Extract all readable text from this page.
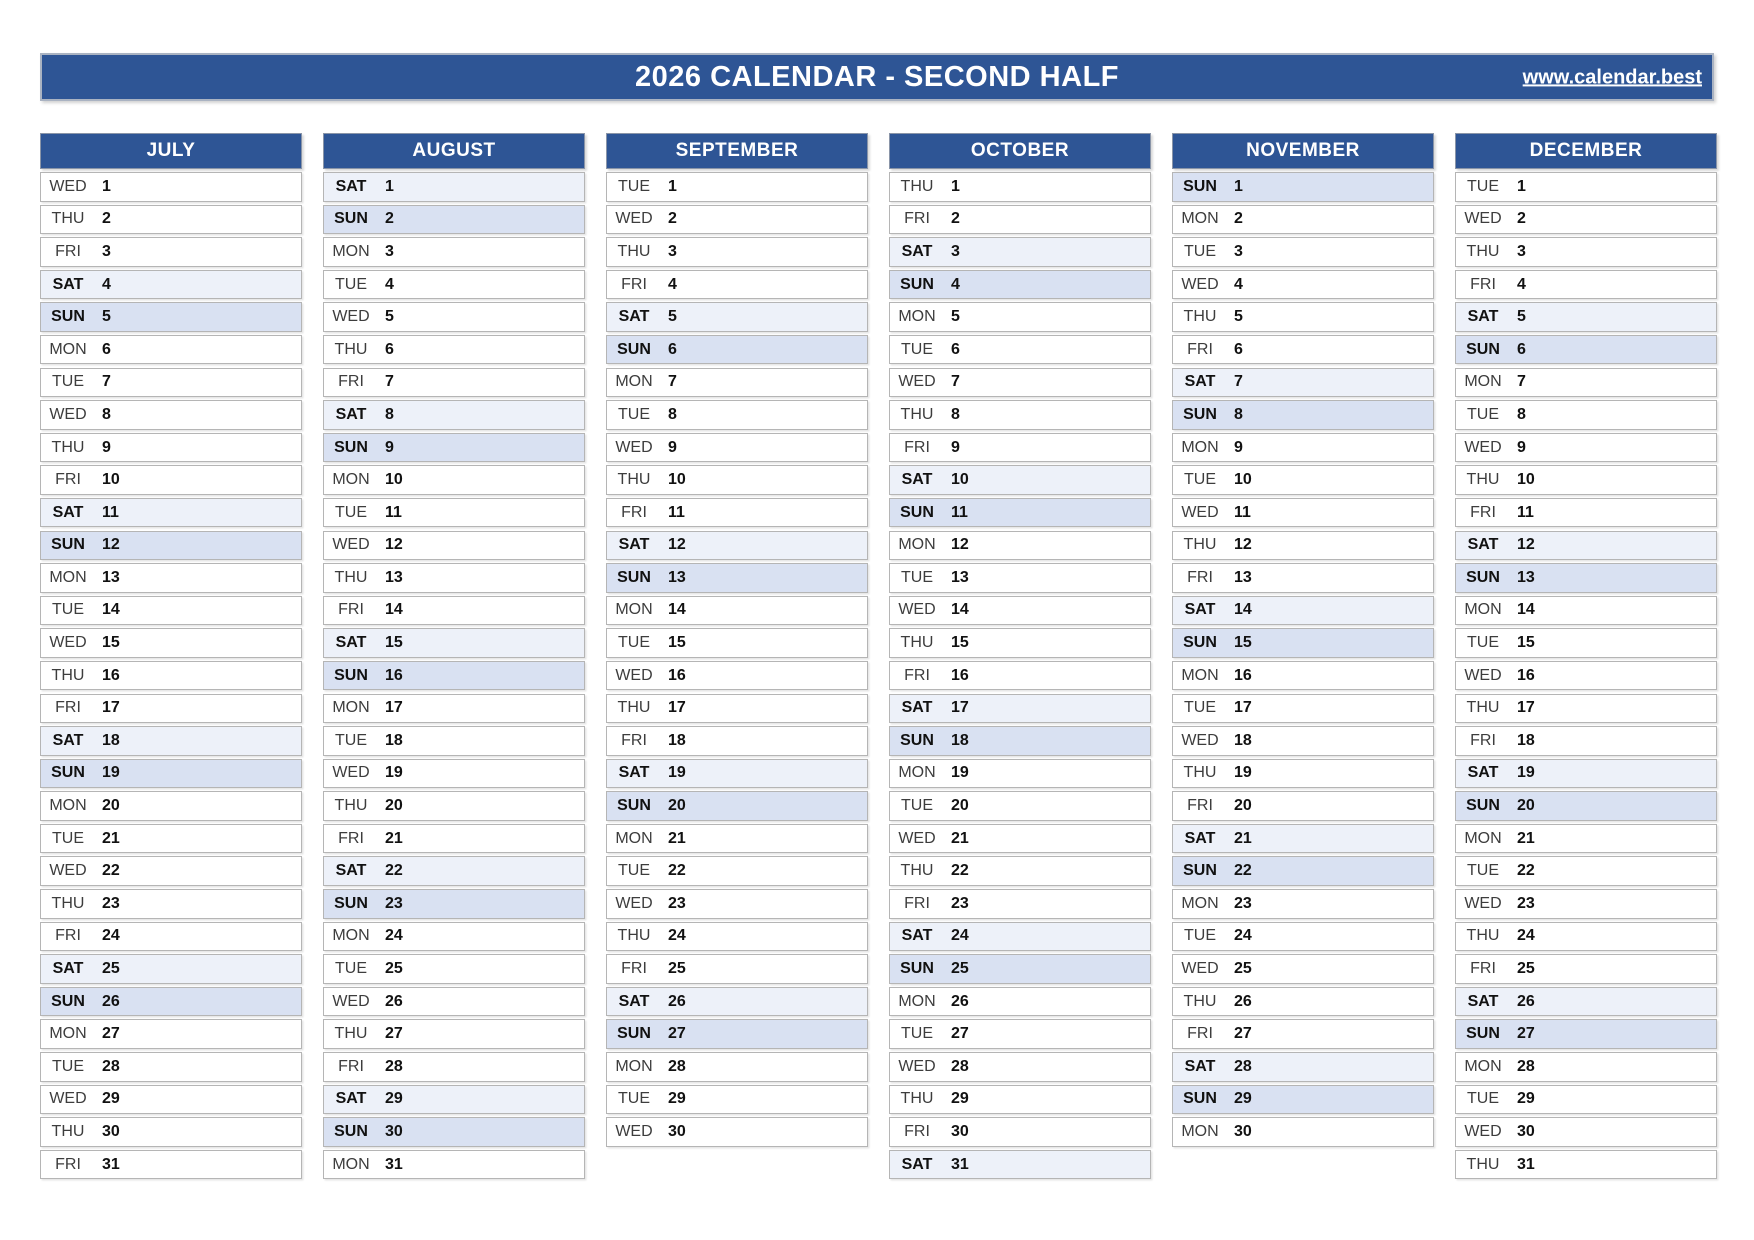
2026 CALENDAR - SECOND HALF	www.calendar.best
JULY
WED 1
THU	2
FRI	3
SAT	4
SUN	5
MON 6
TUE	7
WED 8
THU	9
FRI	10
SAT	11
SUN	12
MON 13
TUE	14
WED 15
THU	16
FRI	17
SAT	18
SUN	19
MON 20
TUE	21
WED 22
THU	23
FRI	24
SAT	25
SUN	26
MON 27
TUE	28
WED 29
THU	30
FRI	31
AUGUST
SAT	1
SUN	2
MON 3
TUE	4
WED 5
THU	6
FRI	7
SAT	8
SUN	9
MON 10
TUE	11
WED 12
THU	13
FRI	14
SAT	15
SUN	16
MON 17
TUE	18
WED 19
THU	20
FRI	21
SAT	22
SUN	23
MON 24
TUE	25
WED 26
THU	27
FRI	28
SAT	29
SUN	30
MON 31
SEPTEMBER
TUE	1
WED 2
THU	3
FRI	4
SAT	5
SUN	6
MON 7
TUE	8
WED 9
THU	10
FRI	11
SAT	12
SUN	13
MON 14
TUE	15
WED 16
THU	17
FRI	18
SAT	19
SUN	20
MON 21
TUE	22
WED 23
THU	24
FRI	25
SAT	26
SUN	27
MON 28
TUE	29
WED 30
OCTOBER
THU	1
FRI	2
SAT	3
SUN	4
MON 5
TUE	6
WED 7
THU	8
FRI	9
SAT	10
SUN	11
MON 12
TUE	13
WED 14
THU	15
FRI	16
SAT	17
SUN	18
MON 19
TUE	20
WED 21
THU	22
FRI	23
SAT	24
SUN	25
MON 26
TUE	27
WED 28
THU	29
FRI	30
SAT	31
NOVEMBER
SUN	1
MON 2
TUE	3
WED 4
THU	5
FRI	6
SAT	7
SUN	8
MON 9
TUE	10
WED 11
THU	12
FRI	13
SAT	14
SUN	15
MON 16
TUE	17
WED 18
THU	19
FRI	20
SAT	21
SUN	22
MON 23
TUE	24
WED 25
THU	26
FRI	27
SAT	28
SUN	29
MON 30
DECEMBER
TUE	1
WED 2
THU	3
FRI	4
SAT	5
SUN	6
MON 7
TUE	8
WED 9
THU	10
FRI	11
SAT	12
SUN	13
MON 14
TUE	15
WED 16
THU	17
FRI	18
SAT	19
SUN	20
MON 21
TUE	22
WED 23
THU	24
FRI	25
SAT	26
SUN	27
MON 28
TUE	29
WED 30
THU	31
